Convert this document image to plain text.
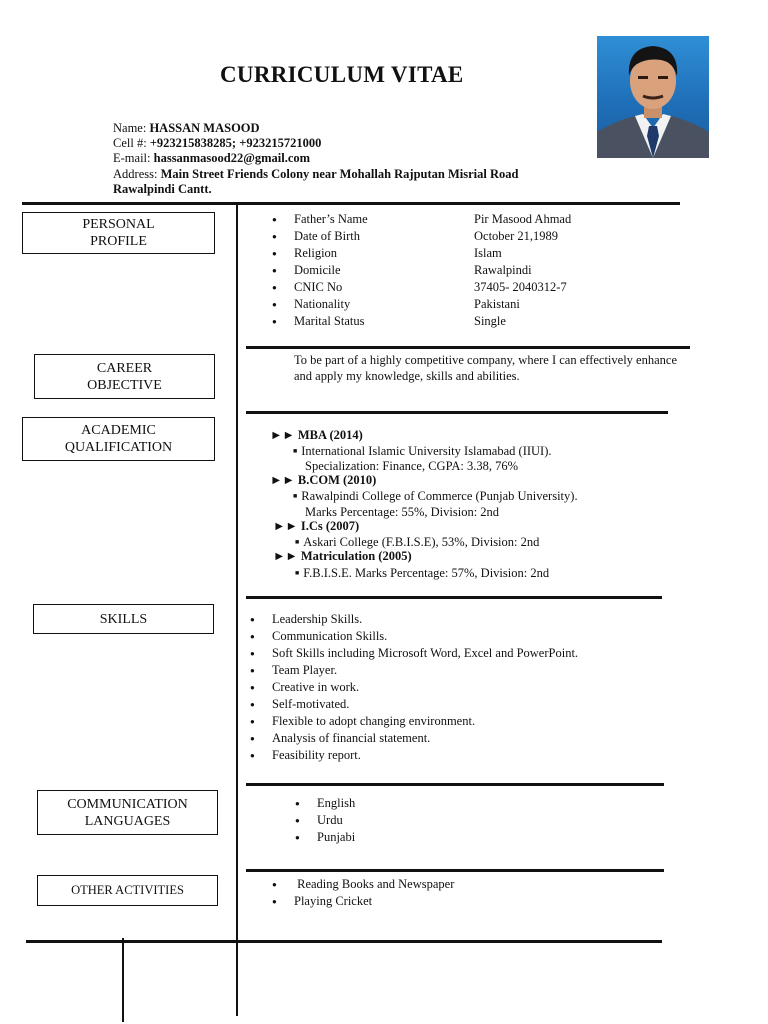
CURRICULUM VITAE
Name: HASSAN MASOOD
Cell #: +923215838285; +923215721000
E-mail: hassanmasood22@gmail.com
Address: Main Street Friends Colony near Mohallah Rajputan Misrial Road
Rawalpindi Cantt.
PERSONAL PROFILE
CAREER OBJECTIVE
ACADEMIC QUALIFICATION
SKILLS
COMMUNICATION LANGUAGES
OTHER ACTIVITIES
● Father’s Name	Pir Masood Ahmad
● Date of Birth	October 21,1989
● Religion	Islam
● Domicile	Rawalpindi
● CNIC No	37405- 2040312-7
● Nationality	Pakistani
● Marital Status	Single
To be part of a highly competitive company, where I can effectively enhance and apply my knowledge, skills and abilities.
►► MBA (2014)
■ International Islamic University Islamabad (IIUI).
Specialization: Finance, CGPA: 3.38, 76%
►► B.COM (2010)
■ Rawalpindi College of Commerce (Punjab University).
Marks Percentage: 55%, Division: 2nd
►► I.Cs (2007)
■ Askari College (F.B.I.S.E), 53%, Division: 2nd
►► Matriculation (2005)
■ F.B.I.S.E. Marks Percentage: 57%, Division: 2nd
● Leadership Skills.
● Communication Skills.
● Soft Skills including Microsoft Word, Excel and PowerPoint.
● Team Player.
● Creative in work.
● Self-motivated.
● Flexible to adopt changing environment.
● Analysis of financial statement.
● Feasibility report.
● English
● Urdu
● Punjabi
●  Reading Books and Newspaper
● Playing Cricket
